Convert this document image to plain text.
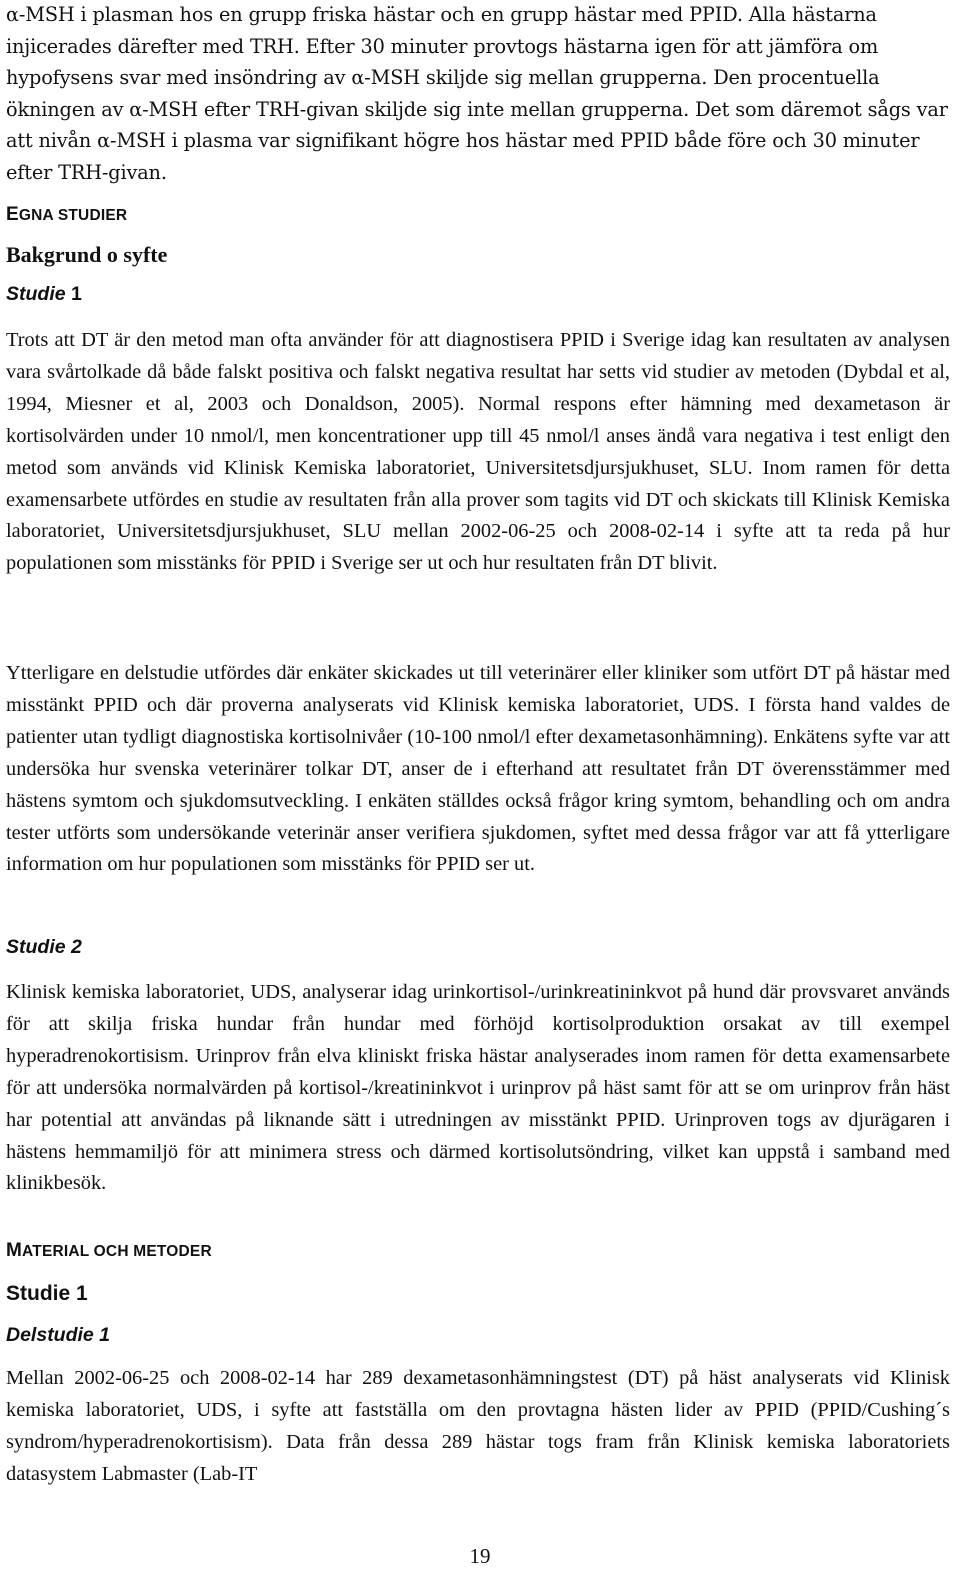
α-MSH i plasman hos en grupp friska hästar och en grupp hästar med PPID. Alla hästarna injicerades därefter med TRH. Efter 30 minuter provtogs hästarna igen för att jämföra om hypofysens svar med insöndring av α-MSH skiljde sig mellan grupperna. Den procentuella ökningen av α-MSH efter TRH-givan skiljde sig inte mellan grupperna. Det som däremot sågs var att nivån α-MSH i plasma var signifikant högre hos hästar med PPID både före och 30 minuter efter TRH-givan.

EGNA STUDIER
Bakgrund o syfte
Studie 1

Trots att DT är den metod man ofta använder för att diagnostisera PPID i Sverige idag kan resultaten av analysen vara svårtolkade då både falskt positiva och falskt negativa resultat har setts vid studier av metoden (Dybdal et al, 1994, Miesner et al, 2003 och Donaldson, 2005). Normal respons efter hämning med dexametason är kortisolvärden under 10 nmol/l, men koncentrationer upp till 45 nmol/l anses ändå vara negativa i test enligt den metod som används vid Klinisk Kemiska laboratoriet, Universitetsdjursjukhuset, SLU. Inom ramen för detta examensarbete utfördes en studie av resultaten från alla prover som tagits vid DT och skickats till Klinisk Kemiska laboratoriet, Universitetsdjursjukhuset, SLU mellan 2002-06-25 och 2008-02-14 i syfte att ta reda på hur populationen som misstänks för PPID i Sverige ser ut och hur resultaten från DT blivit.

Ytterligare en delstudie utfördes där enkäter skickades ut till veterinärer eller kliniker som utfört DT på hästar med misstänkt PPID och där proverna analyserats vid Klinisk kemiska laboratoriet, UDS. I första hand valdes de patienter utan tydligt diagnostiska kortisolnivåer (10-100 nmol/l efter dexametasonhämning). Enkätens syfte var att undersöka hur svenska veterinärer tolkar DT, anser de i efterhand att resultatet från DT överensstämmer med hästens symtom och sjukdomsutveckling. I enkäten ställdes också frågor kring symtom, behandling och om andra tester utförts som undersökande veterinär anser verifiera sjukdomen, syftet med dessa frågor var att få ytterligare information om hur populationen som misstänks för PPID ser ut.

Studie 2

Klinisk kemiska laboratoriet, UDS, analyserar idag urinkortisol-/urinkreatininkvot på hund där provsvaret används för att skilja friska hundar från hundar med förhöjd kortisolproduktion orsakat av till exempel hyperadrenokortisism. Urinprov från elva kliniskt friska hästar analyserades inom ramen för detta examensarbete för att undersöka normalvärden på kortisol-/kreatininkvot i urinprov på häst samt för att se om urinprov från häst har potential att användas på liknande sätt i utredningen av misstänkt PPID. Urinproven togs av djurägaren i hästens hemmamiljö för att minimera stress och därmed kortisolutsöndring, vilket kan uppstå i samband med klinikbesök.

MATERIAL OCH METODER
Studie 1
Delstudie 1

Mellan 2002-06-25 och 2008-02-14 har 289 dexametasonhämningstest (DT) på häst analyserats vid Klinisk kemiska laboratoriet, UDS, i syfte att fastställa om den provtagna hästen lider av PPID (PPID/Cushing´s syndrom/hyperadrenokortisism). Data från dessa 289 hästar togs fram från Klinisk kemiska laboratoriets datasystem Labmaster (Lab-IT

19
